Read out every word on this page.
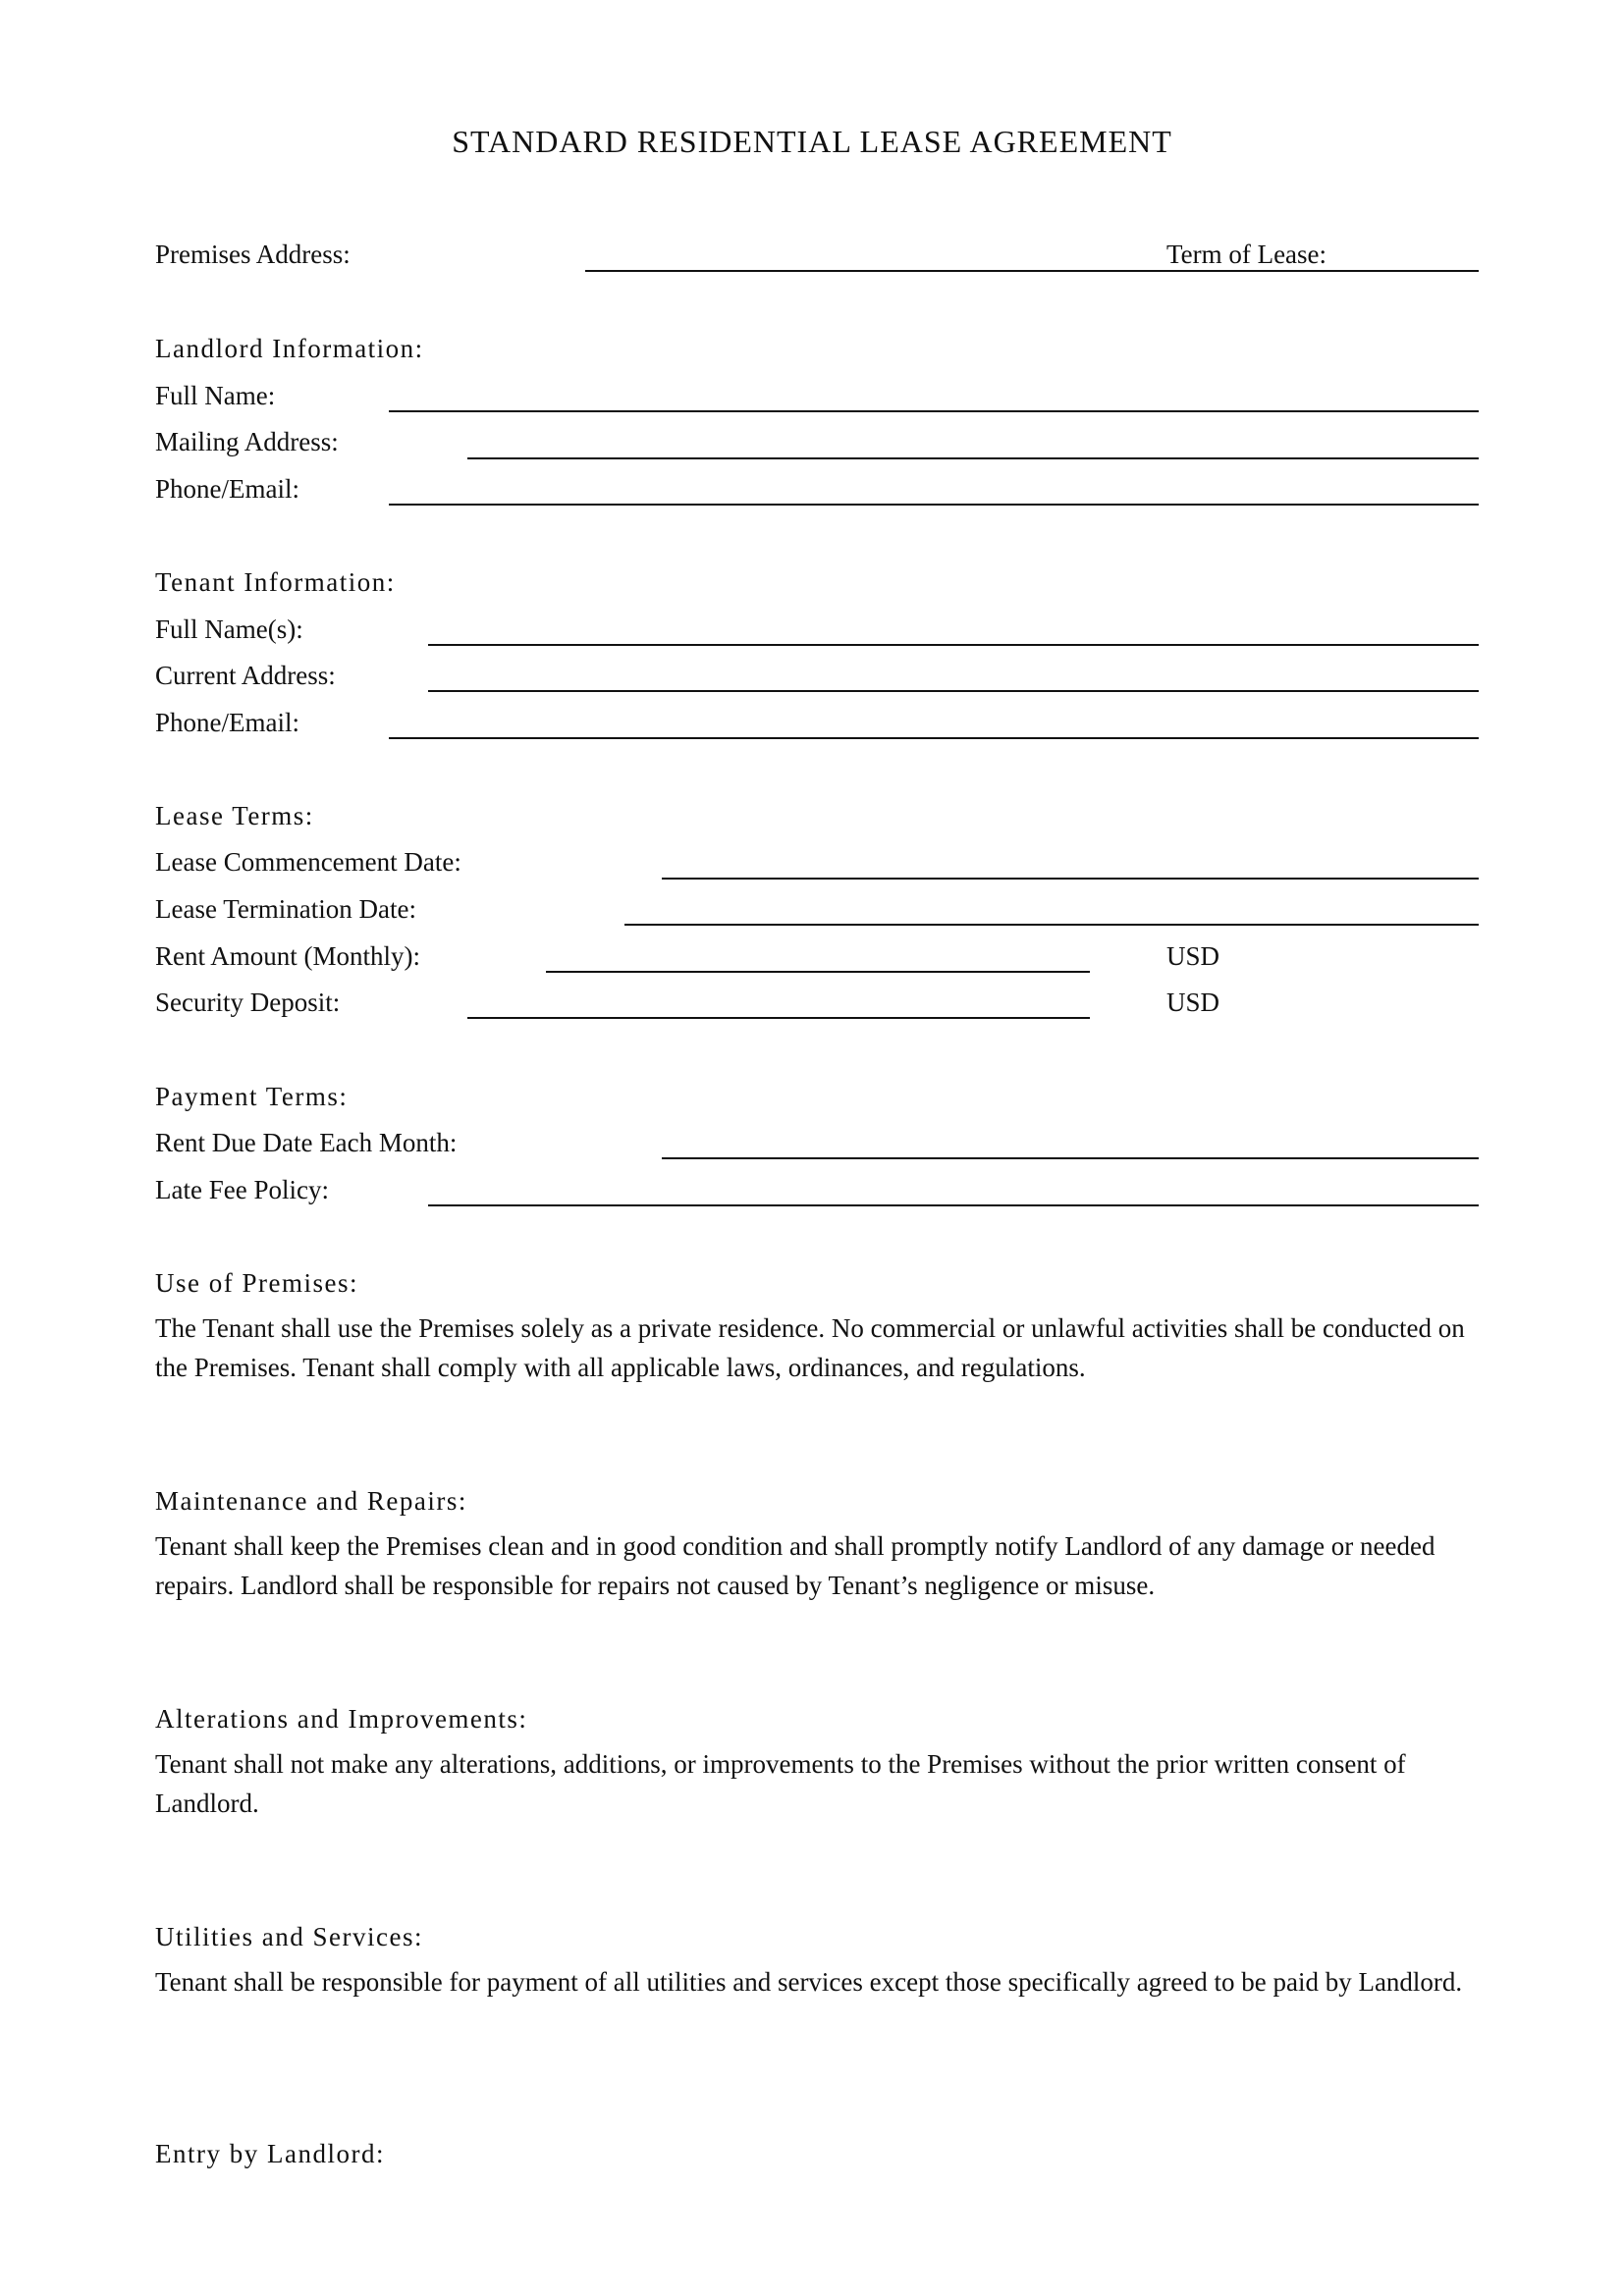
STANDARD RESIDENTIAL LEASE AGREEMENT
Premises Address:	Term of Lease:
Landlord Information:
Full Name:
Mailing Address:
Phone/Email:
Tenant Information:
Full Name(s):
Current Address:
Phone/Email:
Lease Terms:
Lease Commencement Date:
Lease Termination Date:
Rent Amount (Monthly):	USD
Security Deposit:	USD
Payment Terms:
Rent Due Date Each Month:
Late Fee Policy:
Use of Premises:
The Tenant shall use the Premises solely as a private residence. No commercial or unlawful activities shall be conducted on the Premises. Tenant shall comply with all applicable laws, ordinances, and regulations.
Maintenance and Repairs:
Tenant shall keep the Premises clean and in good condition and shall promptly notify Landlord of any damage or needed repairs. Landlord shall be responsible for repairs not caused by Tenant’s negligence or misuse.
Alterations and Improvements:
Tenant shall not make any alterations, additions, or improvements to the Premises without the prior written consent of Landlord.
Utilities and Services:
Tenant shall be responsible for payment of all utilities and services except those specifically agreed to be paid by Landlord.
Entry by Landlord:
